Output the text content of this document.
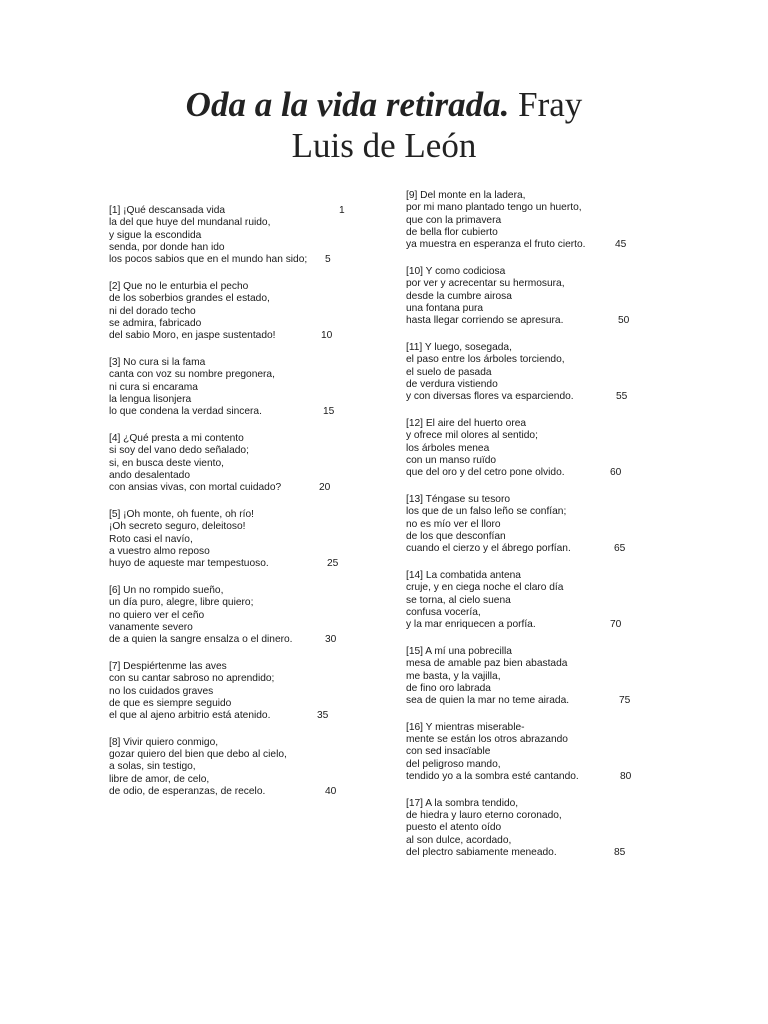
Oda a la vida retirada. Fray
Luis de León
[1] ¡Qué descansada vida	1
la del que huye del mundanal ruido,
y sigue la escondida
senda, por donde han ido
los pocos sabios que en el mundo han sido; 5
[2] Que no le enturbia el pecho
de los soberbios grandes el estado,
ni del dorado techo
se admira, fabricado
del sabio Moro, en jaspe sustentado!	10
[3] No cura si la fama
canta con voz su nombre pregonera,
ni cura si encarama
la lengua lisonjera
lo que condena la verdad sincera.	15
[4] ¿Qué presta a mi contento
si soy del vano dedo señalado;
si, en busca deste viento,
ando desalentado
con ansias vivas, con mortal cuidado?	20
[5] ¡Oh monte, oh fuente, oh río!
¡Oh secreto seguro, deleitoso!
Roto casi el navío,
a vuestro almo reposo
huyo de aqueste mar tempestuoso.	25
[6] Un no rompido sueño,
un día puro, alegre, libre quiero;
no quiero ver el ceño
vanamente severo
de a quien la sangre ensalza o el dinero.	30
[7] Despiértenme las aves
con su cantar sabroso no aprendido;
no los cuidados graves
de que es siempre seguido
el que al ajeno arbitrio está atenido.	35
[8] Vivir quiero conmigo,
gozar quiero del bien que debo al cielo,
a solas, sin testigo,
libre de amor, de celo,
de odio, de esperanzas, de recelo.	40
[9] Del monte en la ladera,
por mi mano plantado tengo un huerto,
que con la primavera
de bella flor cubierto
ya muestra en esperanza el fruto cierto.	45
[10] Y como codiciosa
por ver y acrecentar su hermosura,
desde la cumbre airosa
una fontana pura
hasta llegar corriendo se apresura.	50
[11] Y luego, sosegada,
el paso entre los árboles torciendo,
el suelo de pasada
de verdura vistiendo
y con diversas flores va esparciendo.	55
[12] El aire del huerto orea
y ofrece mil olores al sentido;
los árboles menea
con un manso ruïdo
que del oro y del cetro pone olvido.	60
[13] Téngase su tesoro
los que de un falso leño se confían;
no es mío ver el lloro
de los que desconfían
cuando el cierzo y el ábrego porfían.	65
[14] La combatida antena
cruje, y en ciega noche el claro día
se torna, al cielo suena
confusa vocería,
y la mar enriquecen a porfía.	70
[15] A mí una pobrecilla
mesa de amable paz bien abastada
me basta, y la vajilla,
de fino oro labrada
sea de quien la mar no teme airada.	75
[16] Y mientras miserable-
mente se están los otros abrazando
con sed insacïable
del peligroso mando,
tendido yo a la sombra esté cantando.	80
[17] A la sombra tendido,
de hiedra y lauro eterno coronado,
puesto el atento oído
al son dulce, acordado,
del plectro sabiamente meneado.	85
